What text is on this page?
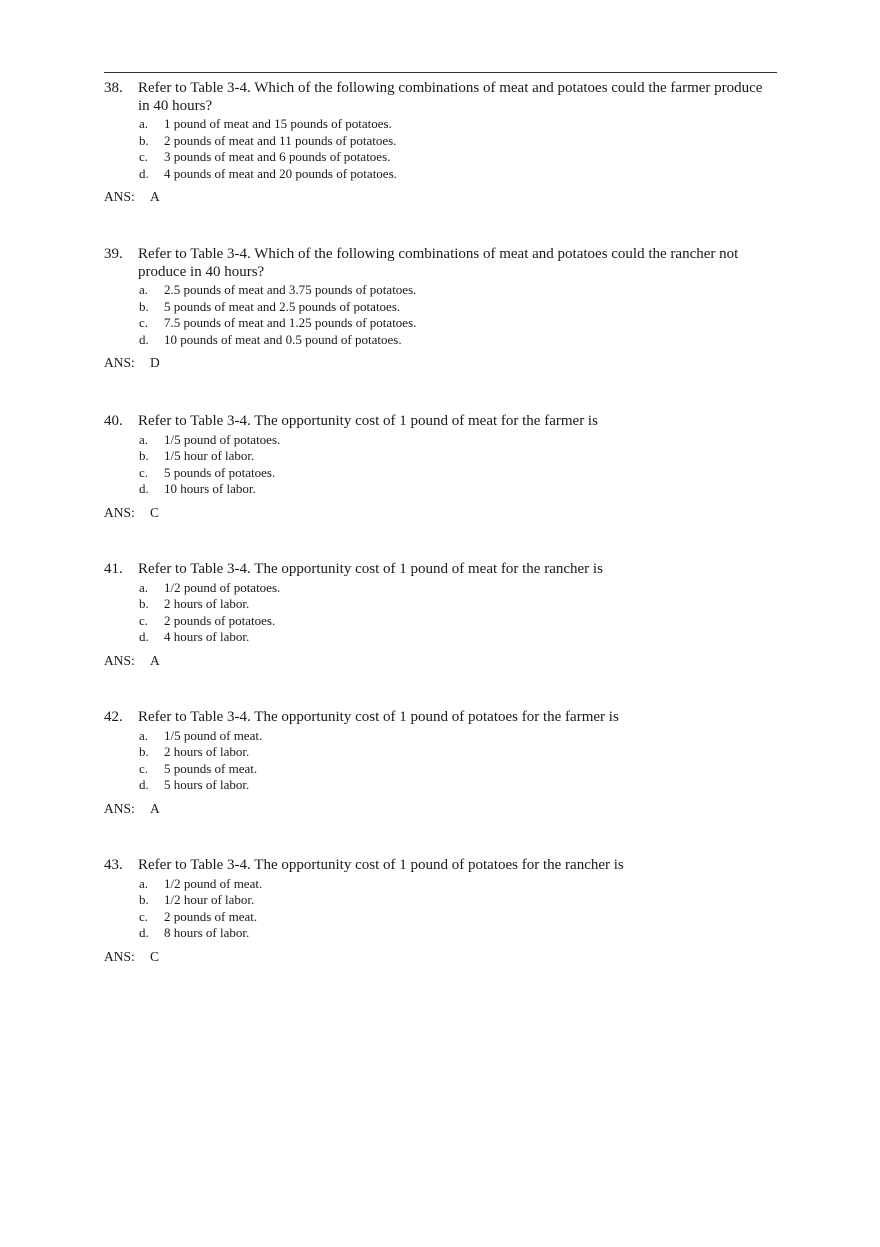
38. Refer to Table 3-4. Which of the following combinations of meat and potatoes could the farmer produce in 40 hours?
a. 1 pound of meat and 15 pounds of potatoes.
b. 2 pounds of meat and 11 pounds of potatoes.
c. 3 pounds of meat and 6 pounds of potatoes.
d. 4 pounds of meat and 20 pounds of potatoes.
ANS: A
39. Refer to Table 3-4. Which of the following combinations of meat and potatoes could the rancher not produce in 40 hours?
a. 2.5 pounds of meat and 3.75 pounds of potatoes.
b. 5 pounds of meat and 2.5 pounds of potatoes.
c. 7.5 pounds of meat and 1.25 pounds of potatoes.
d. 10 pounds of meat and 0.5 pound of potatoes.
ANS: D
40. Refer to Table 3-4. The opportunity cost of 1 pound of meat for the farmer is
a. 1/5 pound of potatoes.
b. 1/5 hour of labor.
c. 5 pounds of potatoes.
d. 10 hours of labor.
ANS: C
41. Refer to Table 3-4. The opportunity cost of 1 pound of meat for the rancher is
a. 1/2 pound of potatoes.
b. 2 hours of labor.
c. 2 pounds of potatoes.
d. 4 hours of labor.
ANS: A
42. Refer to Table 3-4. The opportunity cost of 1 pound of potatoes for the farmer is
a. 1/5 pound of meat.
b. 2 hours of labor.
c. 5 pounds of meat.
d. 5 hours of labor.
ANS: A
43. Refer to Table 3-4. The opportunity cost of 1 pound of potatoes for the rancher is
a. 1/2 pound of meat.
b. 1/2 hour of labor.
c. 2 pounds of meat.
d. 8 hours of labor.
ANS: C
